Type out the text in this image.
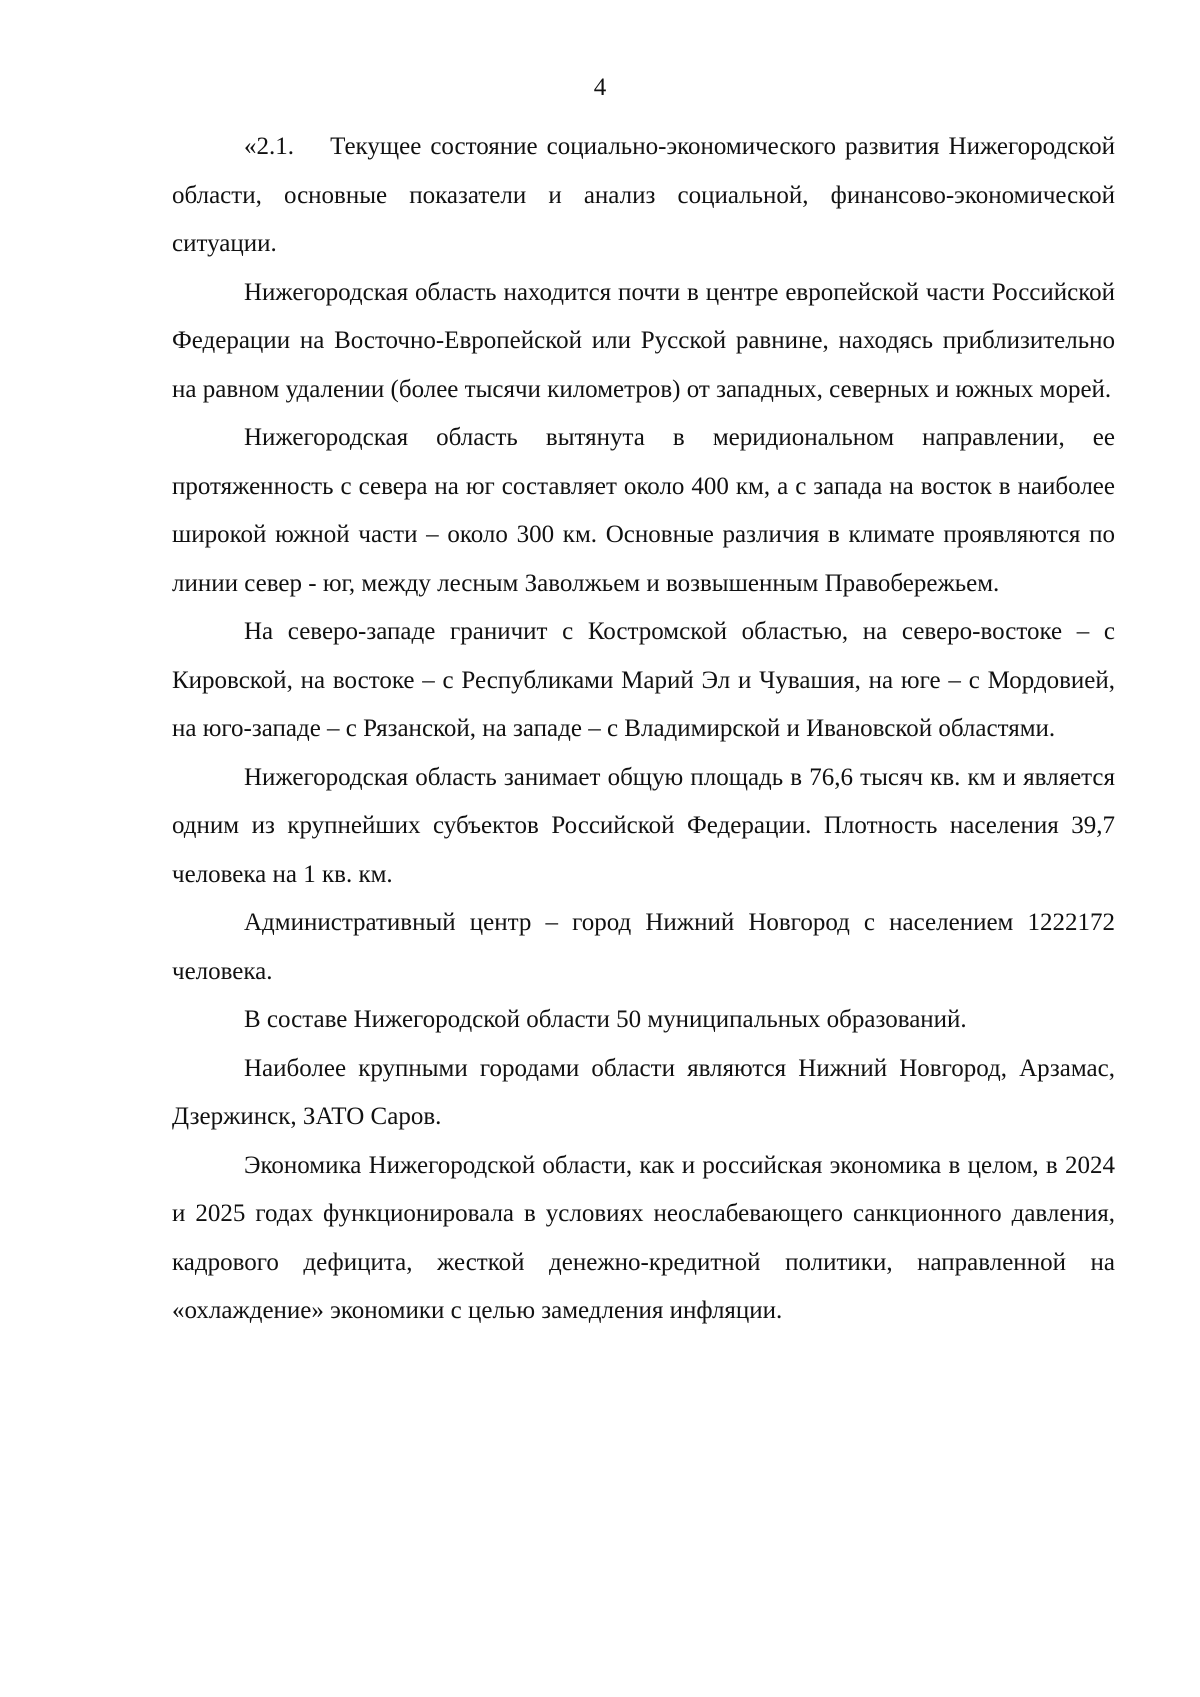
4

«2.1.    Текущее состояние социально-экономического развития Нижегородской области, основные показатели и анализ социальной, финансово-экономической ситуации.

Нижегородская область находится почти в центре европейской части Российской Федерации на Восточно-Европейской или Русской равнине, находясь приблизительно на равном удалении (более тысячи километров) от западных, северных и южных морей.

Нижегородская область вытянута в меридиональном направлении, ее протяженность с севера на юг составляет около 400 км, а с запада на восток в наиболее широкой южной части – около 300 км. Основные различия в климате проявляются по линии север - юг, между лесным Заволжьем и возвышенным Правобережьем.

На северо-западе граничит с Костромской областью, на северо-востоке – с Кировской, на востоке – с Республиками Марий Эл и Чувашия, на юге – с Мордовией, на юго-западе – с Рязанской, на западе – с Владимирской и Ивановской областями.

Нижегородская область занимает общую площадь в 76,6 тысяч кв. км и является одним из крупнейших субъектов Российской Федерации. Плотность населения 39,7 человека на 1 кв. км.

Административный центр – город Нижний Новгород с населением 1222172 человека.

В составе Нижегородской области 50 муниципальных образований.

Наиболее крупными городами области являются Нижний Новгород, Арзамас, Дзержинск, ЗАТО Саров.

Экономика Нижегородской области, как и российская экономика в целом, в 2024 и 2025 годах функционировала в условиях неослабевающего санкционного давления, кадрового дефицита, жесткой денежно-кредитной политики, направленной на «охлаждение» экономики с целью замедления инфляции.
